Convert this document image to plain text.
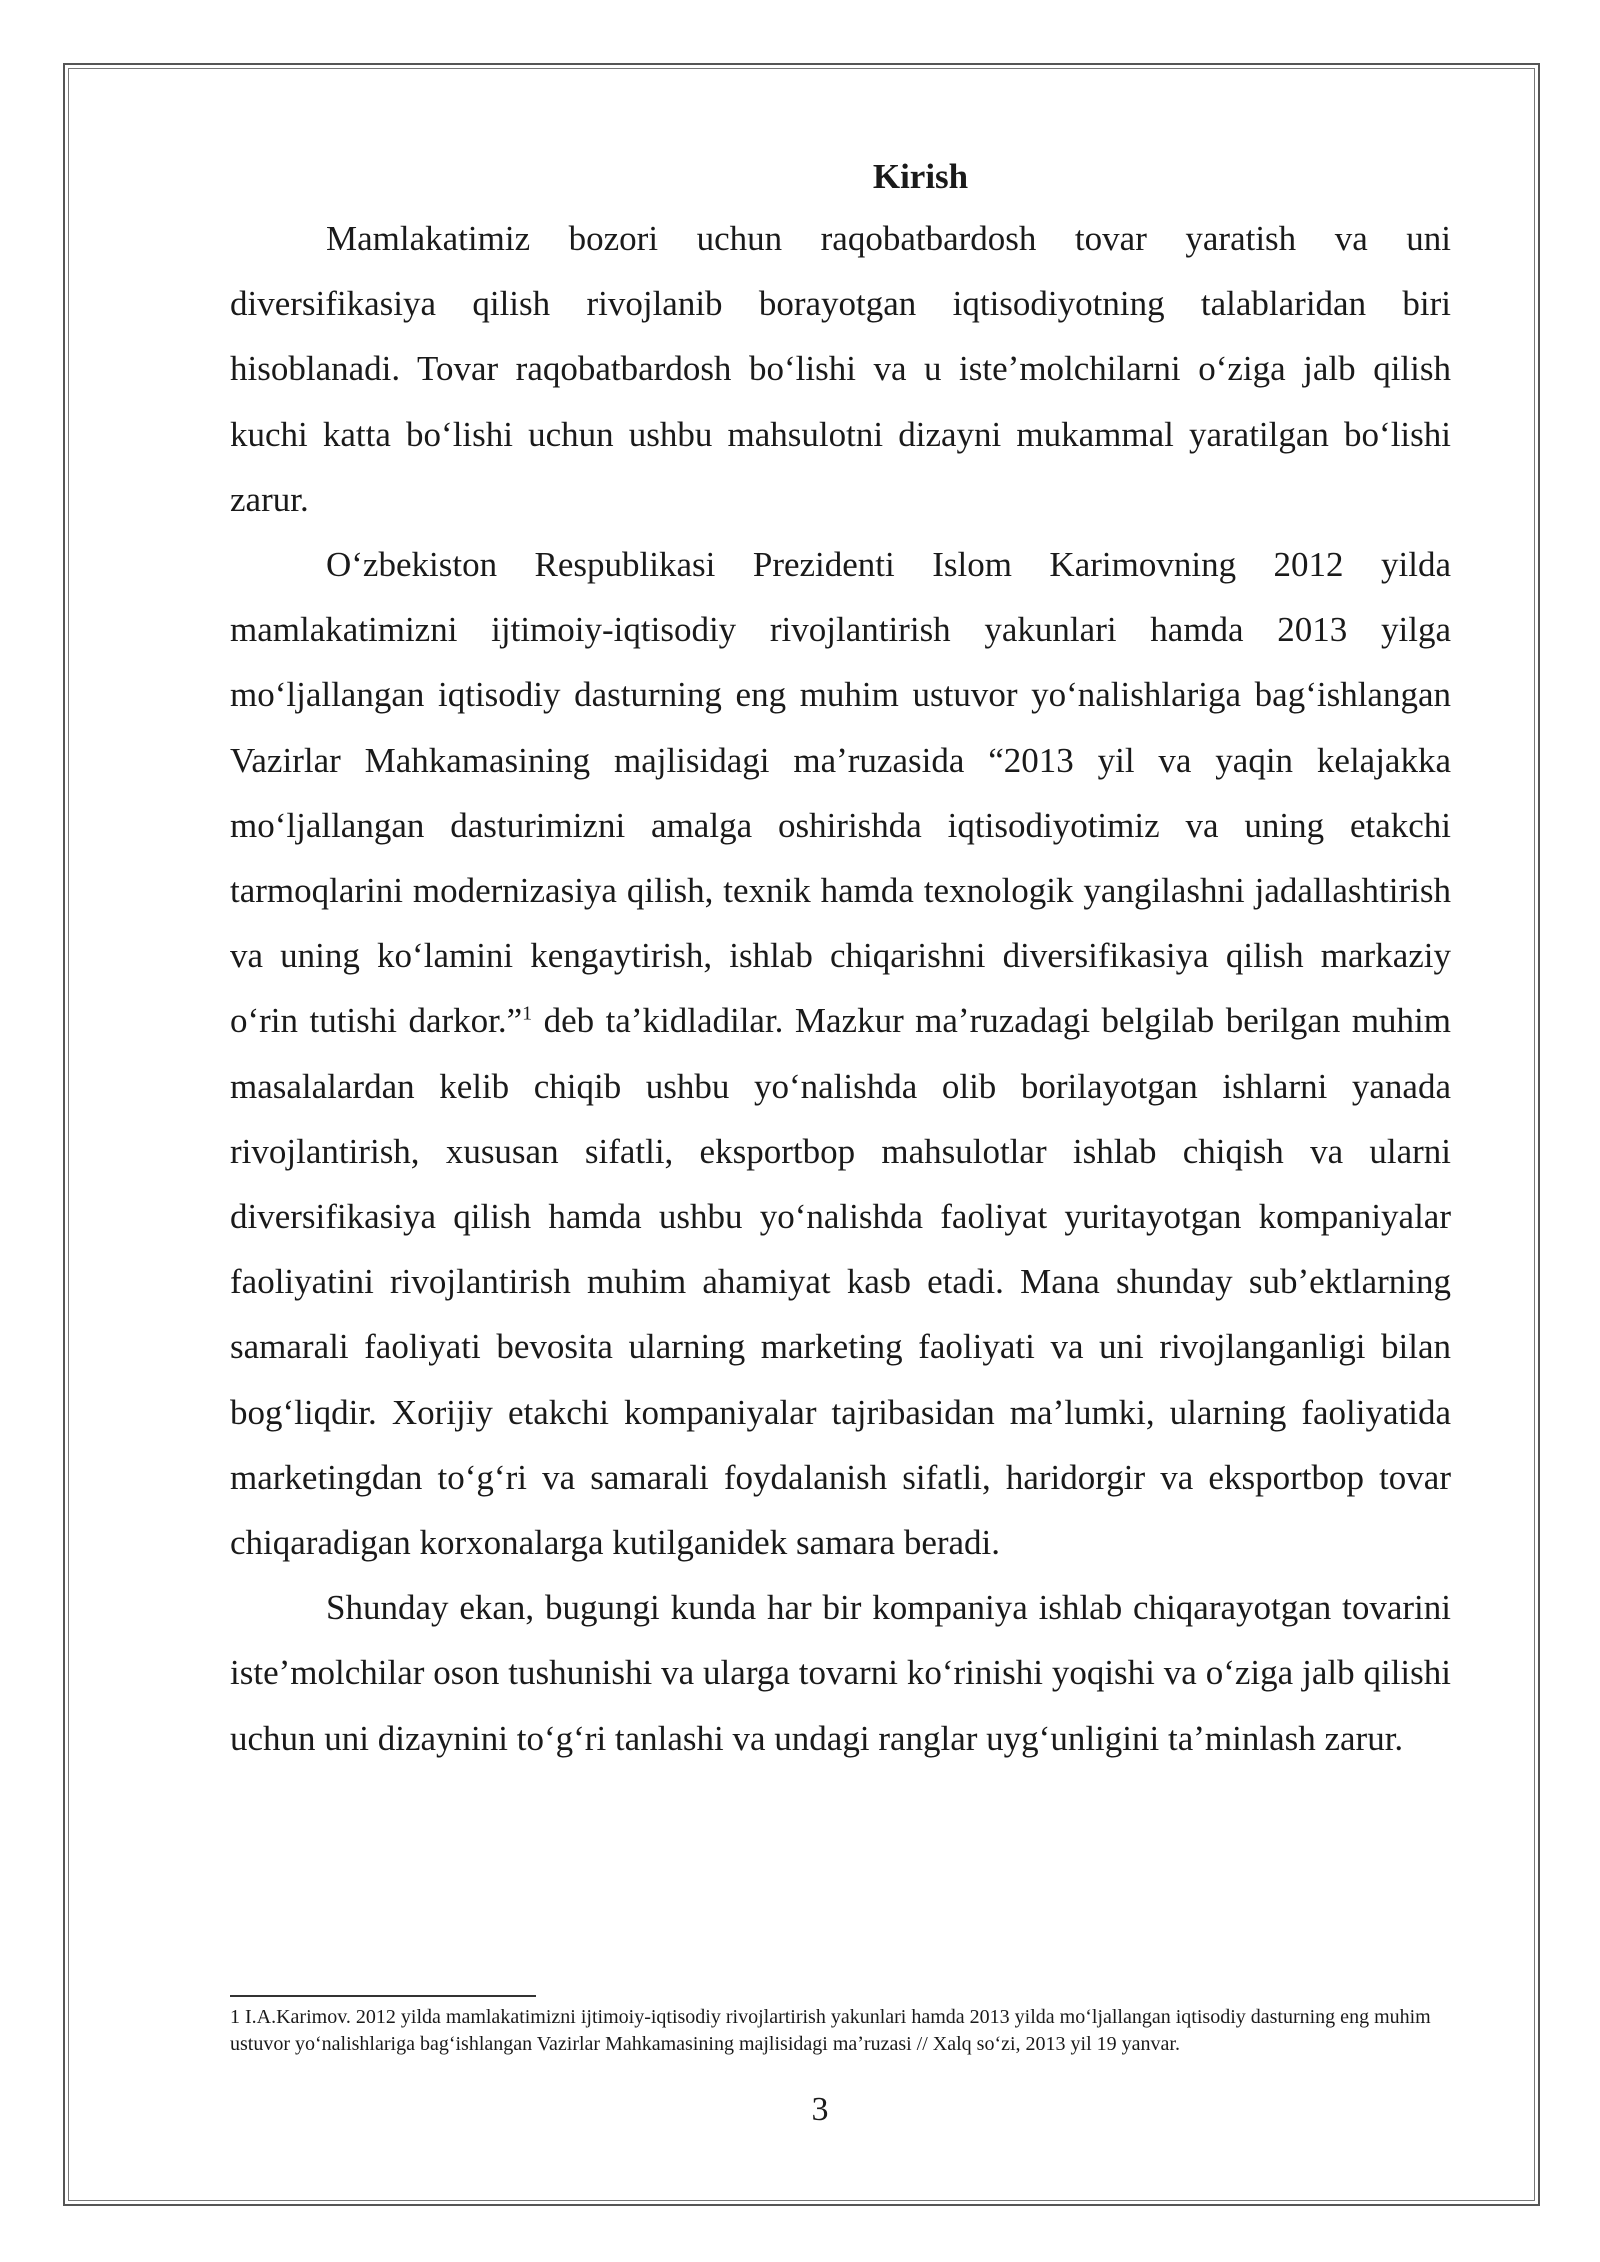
Kirish

Mamlakatimiz bozori uchun raqobatbardosh tovar yaratish va uni diversifikasiya qilish rivojlanib borayotgan iqtisodiyotning talablaridan biri hisoblanadi. Tovar raqobatbardosh boʻlishi va u isteʼmolchilarni oʻziga jalb qilish kuchi katta boʻlishi uchun ushbu mahsulotni dizayni mukammal yaratilgan boʻlishi zarur.

Oʻzbekiston Respublikasi Prezidenti Islom Karimovning 2012 yilda mamlakatimizni ijtimoiy-iqtisodiy rivojlantirish yakunlari hamda 2013 yilga moʻljallangan iqtisodiy dasturning eng muhim ustuvor yoʻnalishlariga bagʻishlangan Vazirlar Mahkamasining majlisidagi maʼruzasida “2013 yil va yaqin kelajakka moʻljallangan dasturimizni amalga oshirishda iqtisodiyotimiz va uning etakchi tarmoqlarini modernizasiya qilish, texnik hamda texnologik yangilashni jadallashtirish va uning koʻlamini kengaytirish, ishlab chiqarishni diversifikasiya qilish markaziy oʻrin tutishi darkor.”$^1$ deb taʼkidladilar. Mazkur maʼruzadagi belgilab berilgan muhim masalalardan kelib chiqib ushbu yoʻnalishda olib borilayotgan ishlarni yanada rivojlantirish, xususan sifatli, eksportbop mahsulotlar ishlab chiqish va ularni diversifikasiya qilish hamda ushbu yoʻnalishda faoliyat yuritayotgan kompaniyalar faoliyatini rivojlantirish muhim ahamiyat kasb etadi. Mana shunday subʼektlarning samarali faoliyati bevosita ularning marketing faoliyati va uni rivojlanganligi bilan bogʻliqdir. Xorijiy etakchi kompaniyalar tajribasidan maʼlumki, ularning faoliyatida marketingdan toʻgʻri va samarali foydalanish sifatli, haridorgir va eksportbop tovar chiqaradigan korxonalarga kutilganidek samara beradi.

Shunday ekan, bugungi kunda har bir kompaniya ishlab chiqarayotgan tovarini isteʼmolchilar oson tushunishi va ularga tovarni koʻrinishi yoqishi va oʻziga jalb qilishi uchun uni dizaynini toʻgʻri tanlashi va undagi ranglar uygʻunligini taʼminlash zarur.

1 I.A.Karimov. 2012 yilda mamlakatimizni ijtimoiy-iqtisodiy rivojlartirish yakunlari hamda 2013 yilda moʻljallangan iqtisodiy dasturning eng muhim ustuvor yoʻnalishlariga bagʻishlangan Vazirlar Mahkamasining majlisidagi maʼruzasi // Xalq soʻzi, 2013 yil 19 yanvar.

3
